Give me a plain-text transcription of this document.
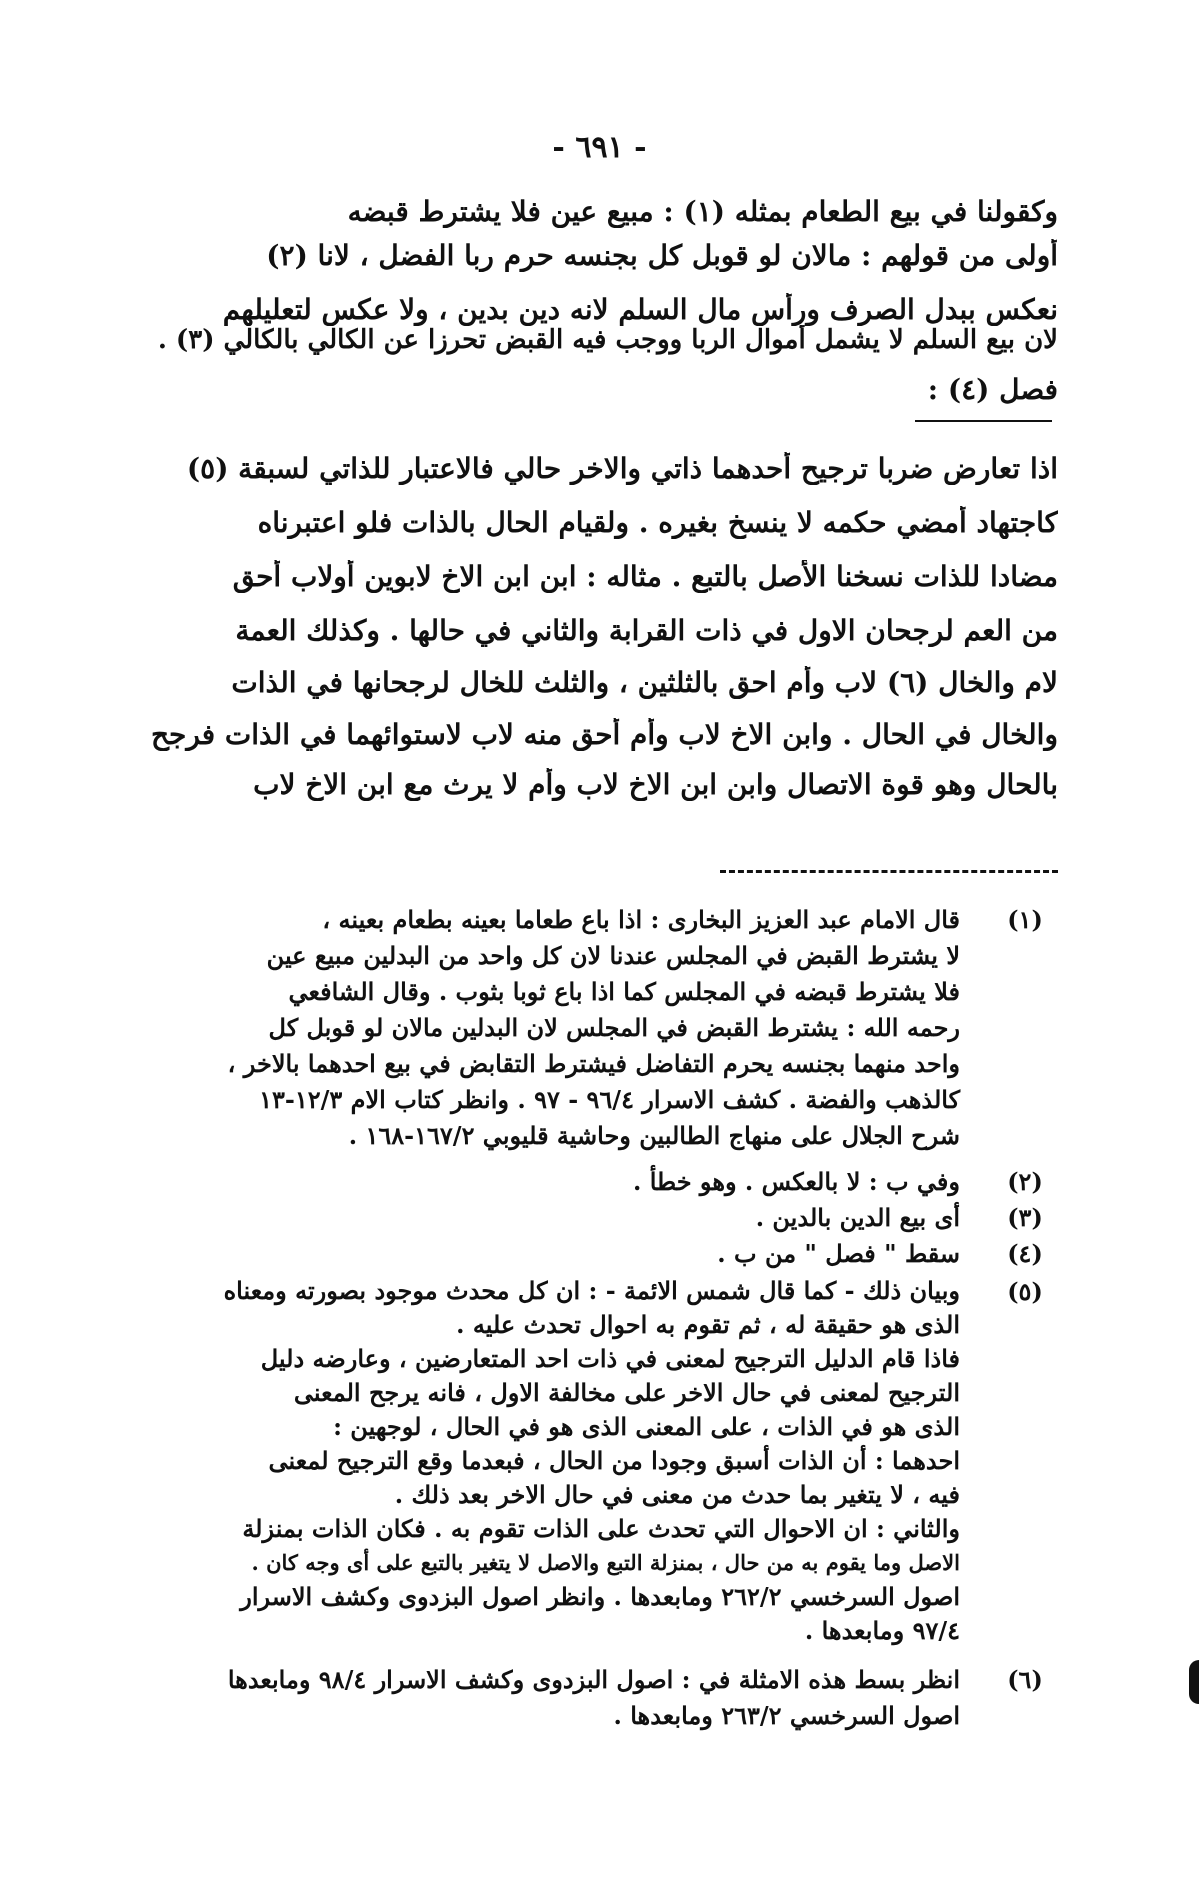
- ٦٩١ -
وكقولنا في بيع الطعام بمثله (١) : مبيع عين فلا يشترط قبضه
أولى من قولهم : مالان لو قوبل كل بجنسه حرم ربا الفضل ، لانا (٢)
نعكس ببدل الصرف ورأس مال السلم لانه دين بدين ، ولا عكس لتعليلهم
لان بيع السلم لا يشمل أموال الربا ووجب فيه القبض تحرزا عن الكالي بالكالي (٣) .
فصل (٤) :
اذا تعارض ضربا ترجيح أحدهما ذاتي والاخر حالي فالاعتبار للذاتي لسبقة (٥)
كاجتهاد أمضي حكمه لا ينسخ بغيره . ولقيام الحال بالذات فلو اعتبرناه
مضادا للذات نسخنا الأصل بالتبع . مثاله : ابن ابن الاخ لابوين أولاب أحق
من العم لرجحان الاول في ذات القرابة والثاني في حالها . وكذلك العمة
لام والخال (٦) لاب وأم احق بالثلثين ، والثلث للخال لرجحانها في الذات
والخال في الحال . وابن الاخ لاب وأم أحق منه لاب لاستوائهما في الذات فرجح
بالحال وهو قوة الاتصال وابن ابن الاخ لاب وأم لا يرث مع ابن الاخ لاب
(١)
قال الامام عبد العزيز البخارى : اذا باع طعاما بعينه بطعام بعينه ،
لا يشترط القبض في المجلس عندنا لان كل واحد من البدلين مبيع عين
فلا يشترط قبضه في المجلس كما اذا باع ثوبا بثوب . وقال الشافعي
رحمه الله : يشترط القبض في المجلس لان البدلين مالان لو قوبل كل
واحد منهما بجنسه يحرم التفاضل فيشترط التقابض في بيع احدهما بالاخر ،
كالذهب والفضة . كشف الاسرار ٩٦/٤ - ٩٧ . وانظر كتاب الام ١٢/٣-١٣
شرح الجلال على منهاج الطالبين وحاشية قليوبي ١٦٧/٢-١٦٨ .
(٢)
وفي ب : لا بالعكس . وهو خطأ .
(٣)
أى بيع الدين بالدين .
(٤)
سقط " فصل " من ب .
(٥)
وبيان ذلك - كما قال شمس الائمة - : ان كل محدث موجود بصورته ومعناه
الذى هو حقيقة له ، ثم تقوم به احوال تحدث عليه .
فاذا قام الدليل الترجيح لمعنى في ذات احد المتعارضين ، وعارضه دليل
الترجيح لمعنى في حال الاخر على مخالفة الاول ، فانه يرجح المعنى
الذى هو في الذات ، على المعنى الذى هو في الحال ، لوجهين :
احدهما : أن الذات أسبق وجودا من الحال ، فبعدما وقع الترجيح لمعنى
فيه ، لا يتغير بما حدث من معنى في حال الاخر بعد ذلك .
والثاني : ان الاحوال التي تحدث على الذات تقوم به . فكان الذات بمنزلة
الاصل وما يقوم به من حال ، بمنزلة التبع والاصل لا يتغير بالتبع على أى وجه كان .
اصول السرخسي ٢٦٢/٢ ومابعدها . وانظر اصول البزدوى وكشف الاسرار
٩٧/٤ ومابعدها .
(٦)
انظر بسط هذه الامثلة في : اصول البزدوى وكشف الاسرار ٩٨/٤ ومابعدها
اصول السرخسي ٢٦٣/٢ ومابعدها .
